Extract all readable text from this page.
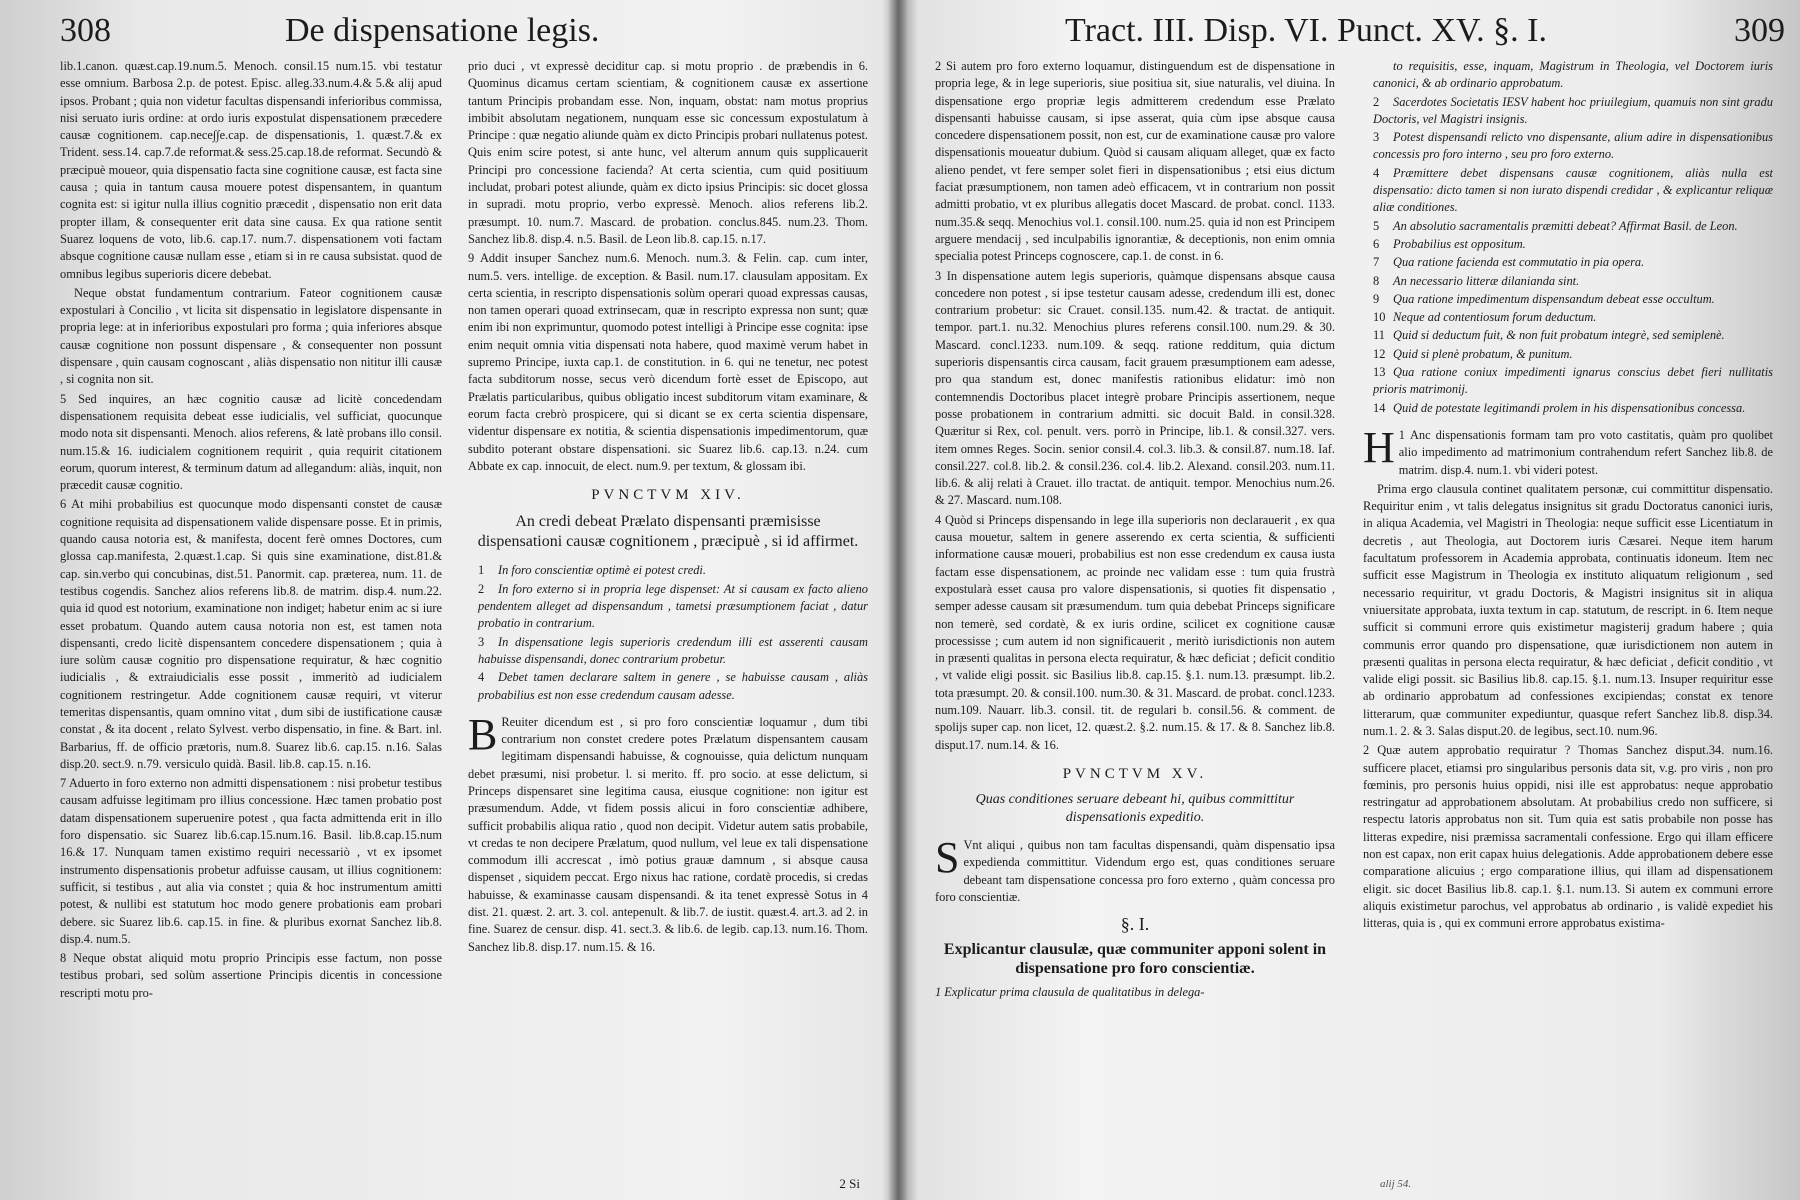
308	De dispensatione legis.

lib.1.canon. quæst.cap.19.num.5. Menoch. consil.15 num.15. vbi testatur esse omnium. Barbosa 2.p. de potest. Episc. alleg.33.num.4.& 5.& alij apud ipsos. Probant ; quia non videtur facultas dispensandi inferioribus commissa, nisi seruato iuris ordine: at ordo iuris expostulat dispensationem præcedere causæ cognitionem. cap.nece∫∫e.cap. de dispensationis, 1. quæst.7.& ex Trident. sess.14. cap.7.de reformat.& sess.25.cap.18.de reformat. Secundò & præcipuè moueor, quia dispensatio facta sine cognitione causæ, est facta sine causa ; quia in tantum causa mouere potest dispensantem, in quantum cognita est: si igitur nulla illius cognitio præcedit , dispensatio non erit data propter illam, & consequenter erit data sine causa. Ex qua ratione sentit Suarez loquens de voto, lib.6. cap.17. num.7. dispensationem voti factam absque cognitione causæ nullam esse , etiam si in re causa subsistat. quod de omnibus legibus superioris dicere debebat.

Neque obstat fundamentum contrarium. Fateor cognitionem causæ expostulari à Concilio , vt licita sit dispensatio in legislatore dispensante in propria lege: at in inferioribus expostulari pro forma ; quia inferiores absque causæ cognitione non possunt dispensare , & consequenter non possunt dispensare , quin causam cognoscant , aliàs dispensatio non nititur illi causæ , si cognita non sit.

5 Sed inquires, an hæc cognitio causæ ad licitè concedendam dispensationem requisita debeat esse iudicialis, vel sufficiat, quocunque modo nota sit dispensanti. Menoch. alios referens, & latè probans illo consil. num.15.& 16. iudicialem cognitionem requirit , quia requirit citationem eorum, quorum interest, & terminum datum ad allegandum: aliàs, inquit, non præcedit causæ cognitio.

6 At mihi probabilius est quocunque modo dispensanti constet de causæ cognitione requisita ad dispensationem valide dispensare posse. Et in primis, quando causa notoria est, & manifesta, docent ferè omnes Doctores, cum glossa cap.manifesta, 2.quæst.1.cap. Si quis sine examinatione, dist.81.& cap. sin.verbo qui concubinas, dist.51. Panormit. cap. præterea, num. 11. de testibus cogendis. Sanchez alios referens lib.8. de matrim. disp.4. num.22. quia id quod est notorium, examinatione non indiget; habetur enim ac si iure esset probatum. Quando autem causa notoria non est, est tamen nota dispensanti, credo licitè dispensantem concedere dispensationem ; quia à iure solùm causæ cognitio pro dispensatione requiratur, & hæc cognitio iudicialis , & extraiudicialis esse possit , immeritò ad iudicialem cognitionem restringetur. Adde cognitionem causæ requiri, vt viterur temeritas dispensantis, quam omnino vitat , dum sibi de iustificatione causæ constat , & ita docent , relato Sylvest. verbo dispensatio, in fine. & Bart. inl. Barbarius, ff. de officio prætoris, num.8. Suarez lib.6. cap.15. n.16. Salas disp.20. sect.9. n.79. versiculo quidà. Basil. lib.8. cap.15. n.16.

7 Aduerto in foro externo non admitti dispensationem : nisi probetur testibus causam adfuisse legitimam pro illius concessione. Hæc tamen probatio post datam dispensationem superuenire potest , qua facta admittenda erit in illo foro dispensatio. sic Suarez lib.6.cap.15.num.16. Basil. lib.8.cap.15.num 16.& 17. Nunquam tamen existimo requiri necessariò , vt ex ipsomet instrumento dispensationis probetur adfuisse causam, ut illius cognitionem: sufficit, si testibus , aut alia via constet ; quia & hoc instrumentum amitti potest, & nullibi est statutum hoc modo genere probationis eam probari debere. sic Suarez lib.6. cap.15. in fine. & pluribus exornat Sanchez lib.8. disp.4. num.5.

8 Neque obstat aliquid motu proprio Principis esse factum, non posse testibus probari, sed solùm assertione Principis dicentis in concessione rescripti motu pro-

prio duci , vt expressè deciditur cap. si motu proprio . de præbendis in 6. Quominus dicamus certam scientiam, & cognitionem causæ ex assertione tantum Principis probandam esse. Non, inquam, obstat: nam motus proprius imbibit absolutam negationem, nunquam esse sic concessum expostulatum à Principe : quæ negatio aliunde quàm ex dicto Principis probari nullatenus potest. Quis enim scire potest, si ante hunc, vel alterum annum quis supplicauerit Principi pro concessione facienda? At certa scientia, cum quid positiuum includat, probari potest aliunde, quàm ex dicto ipsius Principis: sic docet glossa in supradi. motu proprio, verbo expressè. Menoch. alios referens lib.2. præsumpt. 10. num.7. Mascard. de probation. conclus.845. num.23. Thom. Sanchez lib.8. disp.4. n.5. Basil. de Leon lib.8. cap.15. n.17.

9 Addit insuper Sanchez num.6. Menoch. num.3. & Felin. cap. cum inter, num.5. vers. intellige. de exception. & Basil. num.17. clausulam appositam. Ex certa scientia, in rescripto dispensationis solùm operari quoad expressas causas, non tamen operari quoad extrinsecam, quæ in rescripto expressa non sunt; quæ enim ibi non exprimuntur, quomodo potest intelligi à Principe esse cognita: ipse enim nequit omnia vitia dispensati nota habere, quod maximè verum habet in supremo Principe, iuxta cap.1. de constitution. in 6. qui ne tenetur, nec potest facta subditorum nosse, secus verò dicendum fortè esset de Episcopo, aut Prælatis particularibus, quibus obligatio incest subditorum vitam examinare, & eorum facta crebrò prospicere, qui si dicant se ex certa scientia dispensare, videntur dispensare ex notitia, & scientia dispensationis impedimentorum, quæ subdito poterant obstare dispensationi. sic Suarez lib.6. cap.13. n.24. cum Abbate ex cap. innocuit, de elect. num.9. per textum, & glossam ibi.

PVNCTVM XIV.
An credi debeat Prælato dispensanti præmisisse dispensationi causæ cognitionem , præcipuè , si id affirmet.
1 In foro conscientiæ optimè ei potest credi.
2 In foro externo si in propria lege dispenset: At si causam ex facto alieno pendentem alleget ad dispensandum , tametsi præsumptionem faciat , datur probatio in contrarium.
3 In dispensatione legis superioris credendum illi est asserenti causam habuisse dispensandi, donec contrarium probetur.
4 Debet tamen declarare saltem in genere , se habuisse causam , aliàs probabilius est non esse credendum causam adesse.

B Reuiter dicendum est , si pro foro conscientiæ loquamur , dum tibi contrarium non constet credere potes Prælatum dispensantem causam legitimam dispensandi habuisse, & cognouisse, quia delictum nunquam debet præsumi, nisi probetur. l. si merito. ff. pro socio. at esse delictum, si Princeps dispensaret sine legitima causa, eiusque cognitione: non igitur est præsumendum. Adde, vt fidem possis alicui in foro conscientiæ adhibere, sufficit probabilis aliqua ratio , quod non decipit. Videtur autem satis probabile, vt credas te non decipere Prælatum, quod nullum, vel leue ex tali dispensatione commodum illi accrescat , imò potius grauæ damnum , si absque causa dispenset , siquidem peccat. Ergo nixus hac ratione, cordatè procedis, si credas habuisse, & examinasse causam dispensandi. & ita tenet expressè Sotus in 4 dist. 21. quæst. 2. art. 3. col. antepenult. & lib.7. de iustit. quæst.4. art.3. ad 2. in fine. Suarez de censur. disp. 41. sect.3. & lib.6. de legib. cap.13. num.16. Thom. Sanchez lib.8. disp.17. num.15. & 16.

2 Si
Tract. III. Disp. VI. Punct. XV. §. I.	309

2 Si autem pro foro externo loquamur, distinguendum est de dispensatione in propria lege, & in lege superioris, siue positiua sit, siue naturalis, vel diuina. In dispensatione ergo propriæ legis admitterem credendum esse Prælato dispensanti habuisse causam, si ipse asserat, quia cùm ipse absque causa concedere dispensationem possit, non est, cur de examinatione causæ pro valore dispensationis moueatur dubium. Quòd si causam aliquam alleget, quæ ex facto alieno pendet, vt fere semper solet fieri in dispensationibus ; etsi eius dictum faciat præsumptionem, non tamen adeò efficacem, vt in contrarium non possit admitti probatio, vt ex pluribus allegatis docet Mascard. de probat. concl. 1133. num.35.& seqq. Menochius vol.1. consil.100. num.25. quia id non est Principem arguere mendacij , sed inculpabilis ignorantiæ, & deceptionis, non enim omnia specialia potest Princeps cognoscere, cap.1. de const. in 6.

3 In dispensatione autem legis superioris, quàmque dispensans absque causa concedere non potest , si ipse testetur causam adesse, credendum illi est, donec contrarium probetur: sic Crauet. consil.135. num.42. & tractat. de antiquit. tempor. part.1. nu.32. Menochius plures referens consil.100. num.29. & 30. Mascard. concl.1233. num.109. & seqq. ratione redditum, quia dictum superioris dispensantis circa causam, facit grauem præsumptionem eam adesse, pro qua standum est, donec manifestis rationibus elidatur: imò non contemnendis Doctoribus placet integrè probare Principis assertionem, neque posse probationem in contrarium admitti. sic docuit Bald. in consil.328. Quæritur si Rex, col. penult. vers. porrò in Principe, lib.1. & consil.327. vers. item omnes Reges. Socin. senior consil.4. col.3. lib.3. & consil.87. num.18. Iaf. consil.227. col.8. lib.2. & consil.236. col.4. lib.2. Alexand. consil.203. num.11. lib.6. & alij relati à Crauet. illo tractat. de antiquit. tempor. Menochius num.26. & 27. Mascard. num.108.

4 Quòd si Princeps dispensando in lege illa superioris non declarauerit , ex qua causa mouetur, saltem in genere asserendo ex certa scientia, & sufficienti informatione causæ moueri, probabilius est non esse credendum ex causa iusta factam esse dispensationem, ac proinde nec validam esse : tum quia frustrà expostularà esset causa pro valore dispensationis, si quoties fit dispensatio , semper adesse causam sit præsumendum. tum quia debebat Princeps significare non temerè, sed cordatè, & ex iuris ordine, scilicet ex cognitione causæ processisse ; cum autem id non significauerit , meritò iurisdictionis non autem in præsenti qualitas in persona electa requiratur, & hæc deficiat ; deficit conditio , vt valide eligi possit. sic Basilius lib.8. cap.15. §.1. num.13. præsumpt. lib.2. tota præsumpt. 20. & consil.100. num.30. & 31. Mascard. de probat. concl.1233. num.109. Nauarr. lib.3. consil. tit. de regulari b. consil.56. & comment. de spolijs super cap. non licet, 12. quæst.2. §.2. num.15. & 17. & 8. Sanchez lib.8. disput.17. num.14. & 16.

PVNCTVM XV.
Quas conditiones seruare debeant hi, quibus committitur dispensationis expeditio.

S Vnt aliqui , quibus non tam facultas dispensandi, quàm dispensatio ipsa expedienda committitur. Videndum ergo est, quas conditiones seruare debeant tam dispensatione concessa pro foro externo , quàm concessa pro foro conscientiæ.

§. I.
Explicantur clausulæ, quæ communiter apponi solent in dispensatione pro foro conscientiæ.

1 Explicatur prima clausula de qualitatibus in delega-

to requisitis, esse, inquam, Magistrum in Theologia, vel Doctorem iuris canonici, & ab ordinario approbatum.
2 Sacerdotes Societatis IESV habent hoc priuilegium, quamuis non sint gradu Doctoris, vel Magistri insignis.
3 Potest dispensandi relicto vno dispensante, alium adire in dispensationibus concessis pro foro interno , seu pro foro externo.
4 Præmittere debet dispensans causæ cognitionem, aliàs nulla est dispensatio: dicto tamen si non iurato dispendi credidar , & explicantur reliquæ aliæ conditiones.
5 An absolutio sacramentalis præmitti debeat? Affirmat Basil. de Leon.
6 Probabilius est oppositum.
7 Qua ratione facienda est commutatio in pia opera.
8 An necessario litteræ dilanianda sint.
9 Qua ratione impedimentum dispensandum debeat esse occultum.
10 Neque ad contentiosum forum deductum.
11 Quid si deductum fuit, & non fuit probatum integrè, sed semiplenè.
12 Quid si plenè probatum, & punitum.
13 Qua ratione coniux impedimenti ignarus conscius debet fieri nullitatis prioris matrimonij.
14 Quid de potestate legitimandi prolem in his dispensationibus concessa.

1 H	Anc dispensationis formam tam pro voto castitatis, quàm pro quolibet alio impedimento ad matrimonium contrahendum refert Sanchez lib.8. de matrim. disp.4. num.1. vbi videri potest.

Prima ergo clausula continet qualitatem personæ, cui committitur dispensatio. Requiritur enim , vt talis delegatus insignitus sit gradu Doctoratus canonici iuris, in aliqua Academia, vel Magistri in Theologia: neque sufficit esse Licentiatum in decretis , aut Theologia, aut Doctorem iuris Cæsarei. Neque item harum facultatum professorem in Academia approbata, continuatis idoneum. Item nec sufficit esse Magistrum in Theologia ex instituto aliquatum religionum , sed necessario requiritur, vt gradu Doctoris, & Magistri insignitus sit in aliqua vniuersitate approbata, iuxta textum in cap. statutum, de rescript. in 6. Item neque sufficit si communi errore quis existimetur magisterij gradum habere ; quia communis error quando pro dispensatione, quæ iurisdictionem non autem in præsenti qualitas in persona electa requiratur, & hæc deficiat , deficit conditio , vt valide eligi possit. sic Basilius lib.8. cap.15. §.1. num.13. Insuper requiritur esse ab ordinario approbatum ad confessiones excipiendas; constat ex tenore litterarum, quæ communiter expediuntur, quasque refert Sanchez lib.8. disp.34. num.1. 2. & 3. Salas disput.20. de legibus, sect.10. num.96.

2 Quæ autem approbatio requiratur ? Thomas Sanchez disput.34. num.16. sufficere placet, etiamsi pro singularibus personis data sit, v.g. pro viris , non pro fœminis, pro personis huius oppidi, nisi ille est approbatus: neque approbatio restringatur ad approbationem absolutam. At probabilius credo non sufficere, si respectu latoris approbatus non sit. Tum quia est satis probabile non posse has litteras expedire, nisi præmissa sacramentali confessione. Ergo qui illam efficere non est capax, non erit capax huius delegationis. Adde approbationem debere esse comparatione alicuius ; ergo comparatione illius, qui illam ad dispensationem eligit. sic docet Basilius lib.8. cap.1. §.1. num.13. Si autem ex communi errore aliquis existimetur parochus, vel approbatus ab ordinario , is validè expediet his litteras, quia is , qui ex communi errore approbatus existima-

alij 54.
